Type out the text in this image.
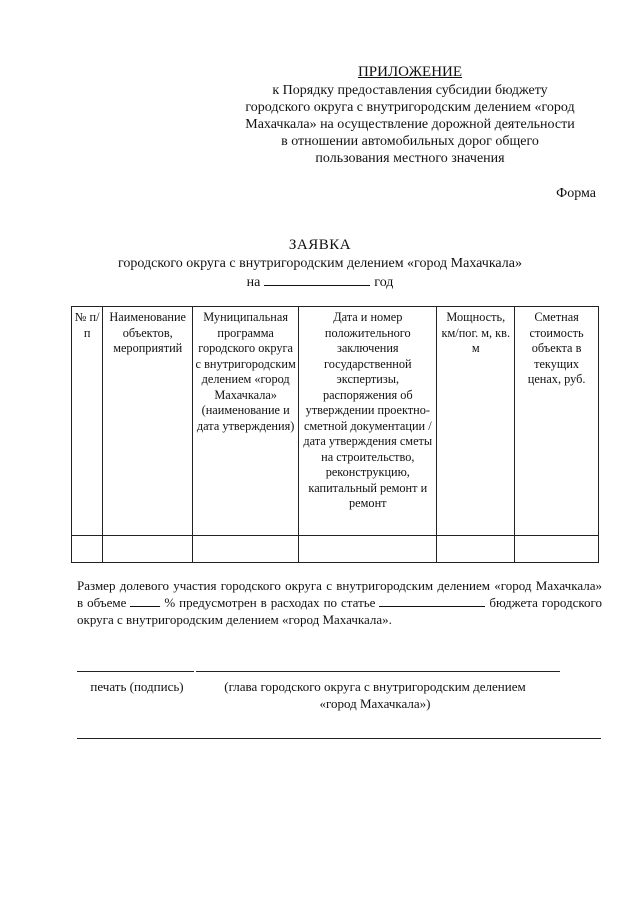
ПРИЛОЖЕНИЕ
к Порядку предоставления субсидии бюджету
городского округа с внутригородским делением «город
Махачкала» на осуществление дорожной деятельности
в отношении автомобильных дорог общего
пользования местного значения
Форма
ЗАЯВКА
городского округа с внутригородским делением «город Махачкала»
на	год
№ п/п	Наименование объектов, мероприятий	Муниципальная программа городского округа с внутригородским делением «город Махачкала» (наименование и дата утверждения)	Дата и номер положительного заключения государственной экспертизы, распоряжения об утверждении проектно-сметной документации / дата утверждения сметы на строительство, реконструкцию, капитальный ремонт и ремонт	Мощность, км/пог. м, кв. м	Сметная стоимость объекта в текущих ценах, руб.

Размер долевого участия городского округа с внутригородским делением «город Махачкала» в объеме	% предусмотрен в расходах по статье	бюджета городского округа с внутригородским делением «город Махачкала».
печать (подпись)	(глава городского округа с внутригородским делением «город Махачкала»)
